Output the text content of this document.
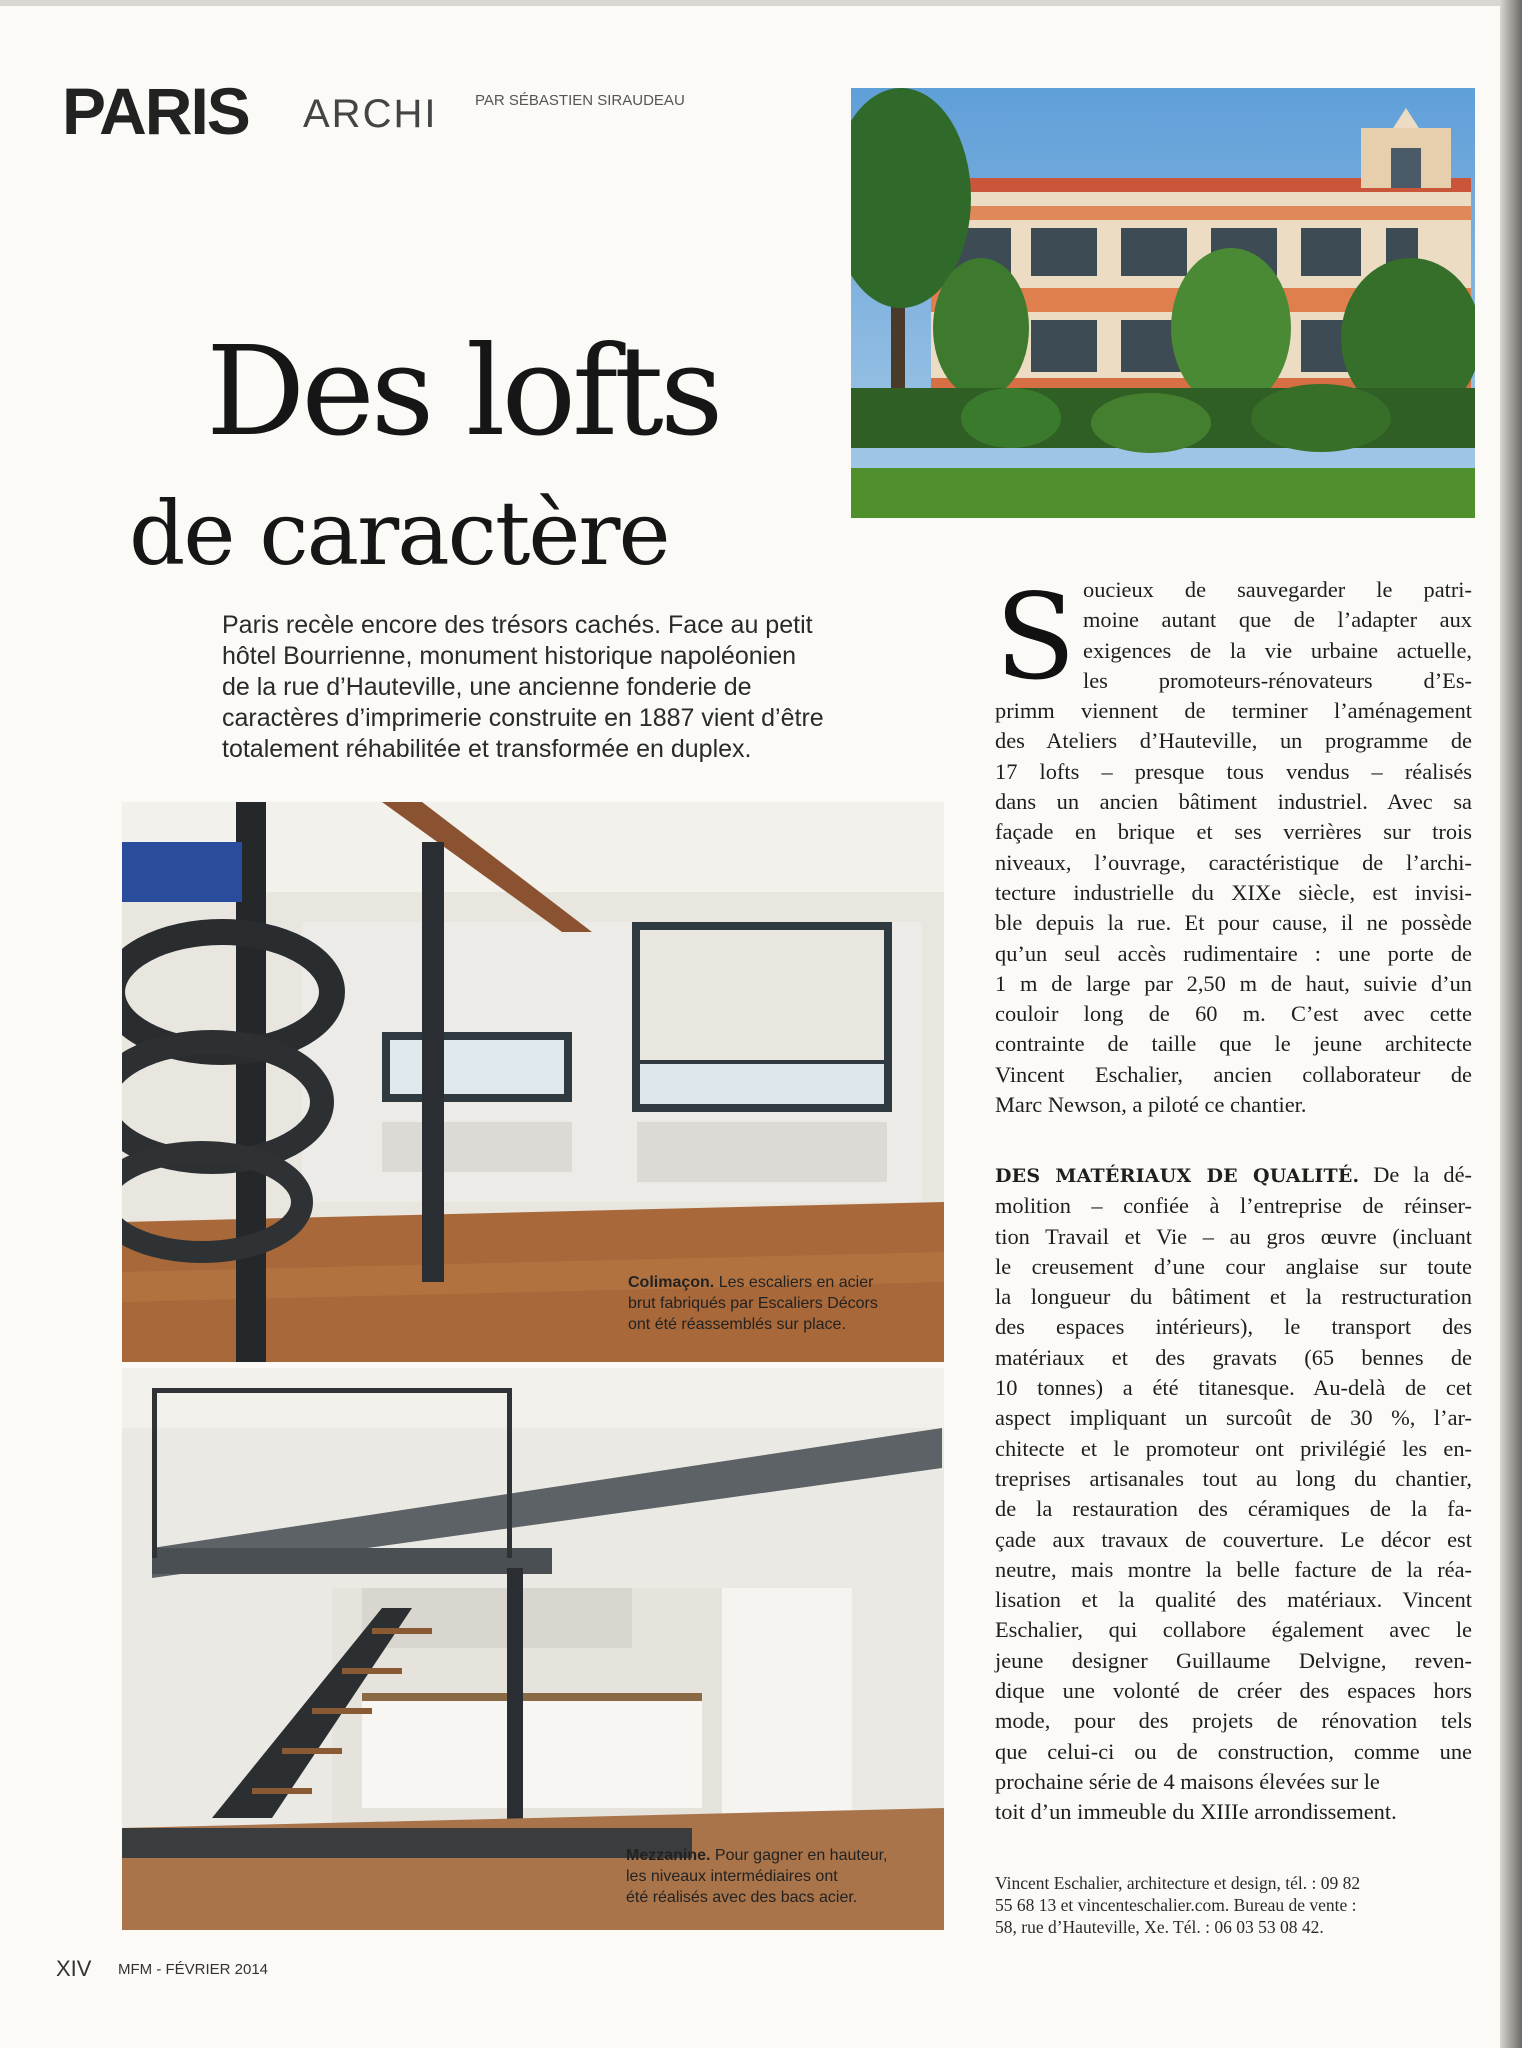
PARIS ARCHI	PAR SÉBASTIEN SIRAUDEAU
Des lofts
de caractère
Paris recèle encore des trésors cachés. Face au petit
hôtel Bourrienne, monument historique napoléonien
de la rue d’Hauteville, une ancienne fonderie de
caractères d’imprimerie construite en 1887 vient d’être
totalement réhabilitée et transformée en duplex.
Colimaçon. Les escaliers en acier
brut fabriqués par Escaliers Décors
ont été réassemblés sur place.
Mezzanine. Pour gagner en hauteur,
les niveaux intermédiaires ont
été réalisés avec des bacs acier.
S oucieux de sauvegarder le patri-
moine autant que de l’adapter aux
exigences de la vie urbaine actuelle,
les promoteurs-rénovateurs d’Es-
primm viennent de terminer l’aménagement
des Ateliers d’Hauteville, un programme de
17 lofts – presque tous vendus – réalisés
dans un ancien bâtiment industriel. Avec sa
façade en brique et ses verrières sur trois
niveaux, l’ouvrage, caractéristique de l’archi-
tecture industrielle du XIXe siècle, est invisi-
ble depuis la rue. Et pour cause, il ne possède
qu’un seul accès rudimentaire : une porte de
1 m de large par 2,50 m de haut, suivie d’un
couloir long de 60 m. C’est avec cette
contrainte de taille que le jeune architecte
Vincent Eschalier, ancien collaborateur de
Marc Newson, a piloté ce chantier.
DES MATÉRIAUX DE QUALITÉ. De la dé-
molition – confiée à l’entreprise de réinser-
tion Travail et Vie – au gros œuvre (incluant
le creusement d’une cour anglaise sur toute
la longueur du bâtiment et la restructuration
des espaces intérieurs), le transport des
matériaux et des gravats (65 bennes de
10 tonnes) a été titanesque. Au-delà de cet
aspect impliquant un surcoût de 30 %, l’ar-
chitecte et le promoteur ont privilégié les en-
treprises artisanales tout au long du chantier,
de la restauration des céramiques de la fa-
çade aux travaux de couverture. Le décor est
neutre, mais montre la belle facture de la réa-
lisation et la qualité des matériaux. Vincent
Eschalier, qui collabore également avec le
jeune designer Guillaume Delvigne, reven-
dique une volonté de créer des espaces hors
mode, pour des projets de rénovation tels
que celui-ci ou de construction, comme une
prochaine série de 4 maisons élevées sur le
toit d’un immeuble du XIIIe arrondissement.
Vincent Eschalier, architecture et design, tél. : 09 82
55 68 13 et vincenteschalier.com. Bureau de vente :
58, rue d’Hauteville, Xe. Tél. : 06 03 53 08 42.
XIV MFM - FÉVRIER 2014
